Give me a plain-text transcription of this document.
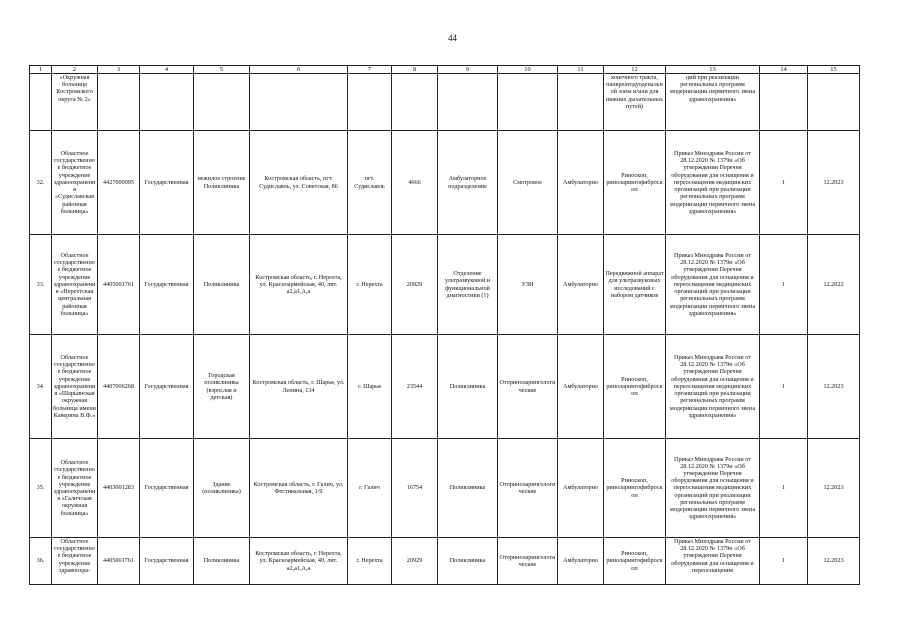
44
1	2	3	4	5	6	7	8	9	10	11	12	13	14	15
	«Окружная больница Костромского округа № 2»										конечного тракта, панкреатодуоденальной зоны и/или для нижних дыхательных путей)	ций при реализации региональных программ модернизации первичного звена здравоохранения»		
32.	Областное государственное бюджетное учреждение здравоохранения «Судиславская районная больница»	4427000095	Государственная	нежилое строение Поликлиника	Костромская область, пгт. Судиславль, ул. Советская, 86	пгт. Судиславль	4666	Амбулаторное подразделение	Смотровое	Амбулаторно	Риноскоп, риноларингофиброскоп	Приказ Минздрава России от 28.12.2020 № 1379н «Об утверждении Перечня оборудования для оснащения и переоснащения медицинских организаций при реализации региональных программ модернизации первичного звена здравоохранения»	1	12.2023
33.	Областное государственное бюджетное учреждение здравоохранения «Нерехтская центральная районная больница»	4405001761	Государственная	Поликлиника	Костромская область, г. Нерехта, ул. Красноармейская, 40, лит. а2,а1,А,а	г. Нерехта	20929	Отделение ультразвуковой и функциональной диагностики (1)	УЗИ	Амбулаторно	Передвижной аппарат для ультразвуковых исследований с набором датчиков	Приказ Минздрава России от 28.12.2020 № 1379н «Об утверждении Перечня оборудования для оснащения и переоснащения медицинских организаций при реализации региональных программ модернизации первичного звена здравоохранения»	1	12.2022
34.	Областное государственное бюджетное учреждение здравоохранения «Шарьинская окружная больница имени Каверина В.Ф.»	4407006268	Государственная	Городская поликлиника (взрослая и детская)	Костромская область, г. Шарья, ул. Ленина, 134	г. Шарья	23544	Поликлиника	Оториноларингологические	Амбулаторно	Риноскоп, риноларингофиброскоп	Приказ Минздрава России от 28.12.2020 № 1379н «Об утверждении Перечня оборудования для оснащения и переоснащения медицинских организаций при реализации региональных программ модернизации первичного звена здравоохранения»	1	12.2023
35.	Областное государственное бюджетное учреждение здравоохранения «Галичская окружная больница»	4403001283	Государственная	Здание (поликлиника)	Костромская область, г. Галич, ул. Фестивальная, 1/9	г. Галич	16754	Поликлиника	Оториноларингологические	Амбулаторно	Риноскоп, риноларингофиброскоп	Приказ Минздрава России от 28.12.2020 № 1379н «Об утверждении Перечня оборудования для оснащения и переоснащения медицинских организаций при реализации региональных программ модернизации первичного звена здравоохранения»	1	12.2023
36.	Областное государственное бюджетное учреждение здравоохра-	4405001761	Государственная	Поликлиника	Костромская область, г. Нерехта, ул. Красноармейская, 40, лит. а2,а1,А,а	г. Нерехта	20929	Поликлиника	Оториноларингологические	Амбулаторно	Риноскоп, риноларингофиброскоп	Приказ Минздрава России от 28.12.2020 № 1379н «Об утверждении Перечня оборудования для оснащения и переоснащения	1	12.2023
